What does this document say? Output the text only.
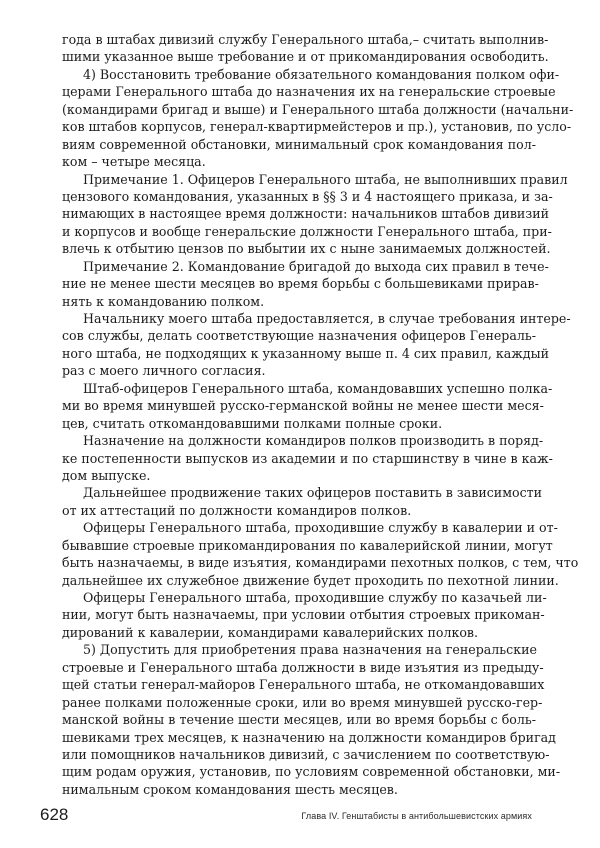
года в штабах дивизий службу Генерального штаба,– считать выполнив-
шими указанное выше требование и от прикомандирования освободить.
4) Восстановить требование обязательного командования полком офи-
церами Генерального штаба до назначения их на генеральские строевые
(командирами бригад и выше) и Генерального штаба должности (начальни-
ков штабов корпусов, генерал-квартирмейстеров и пр.), установив, по усло-
виям современной обстановки, минимальный срок командования пол-
ком – четыре месяца.
Примечание 1. Офицеров Генерального штаба, не выполнивших правил
цензового командования, указанных в §§ 3 и 4 настоящего приказа, и за-
нимающих в настоящее время должности: начальников штабов дивизий
и корпусов и вообще генеральские должности Генерального штаба, при-
влечь к отбытию цензов по выбытии их с ныне занимаемых должностей.
Примечание 2. Командование бригадой до выхода сих правил в тече-
ние не менее шести месяцев во время борьбы с большевиками прирав-
нять к командованию полком.
Начальнику моего штаба предоставляется, в случае требования интере-
сов службы, делать соответствующие назначения офицеров Генераль-
ного штаба, не подходящих к указанному выше п. 4 сих правил, каждый
раз с моего личного согласия.
Штаб-офицеров Генерального штаба, командовавших успешно полка-
ми во время минувшей русско-германской войны не менее шести меся-
цев, считать откомандовавшими полками полные сроки.
Назначение на должности командиров полков производить в поряд-
ке постепенности выпусков из академии и по старшинству в чине в каж-
дом выпуске.
Дальнейшее продвижение таких офицеров поставить в зависимости
от их аттестаций по должности командиров полков.
Офицеры Генерального штаба, проходившие службу в кавалерии и от-
бывавшие строевые прикомандирования по кавалерийской линии, могут
быть назначаемы, в виде изъятия, командирами пехотных полков, с тем, что
дальнейшее их служебное движение будет проходить по пехотной линии.
Офицеры Генерального штаба, проходившие службу по казачьей ли-
нии, могут быть назначаемы, при условии отбытия строевых прикоман-
дирований к кавалерии, командирами кавалерийских полков.
5) Допустить для приобретения права назначения на генеральские
строевые и Генерального штаба должности в виде изъятия из предыду-
щей статьи генерал-майоров Генерального штаба, не откомандовавших
ранее полками положенные сроки, или во время минувшей русско-гер-
манской войны в течение шести месяцев, или во время борьбы с боль-
шевиками трех месяцев, к назначению на должности командиров бригад
или помощников начальников дивизий, с зачислением по соответствую-
щим родам оружия, установив, по условиям современной обстановки, ми-
нимальным сроком командования шесть месяцев.
628	Глава IV. Генштабисты в антибольшевистских армиях
